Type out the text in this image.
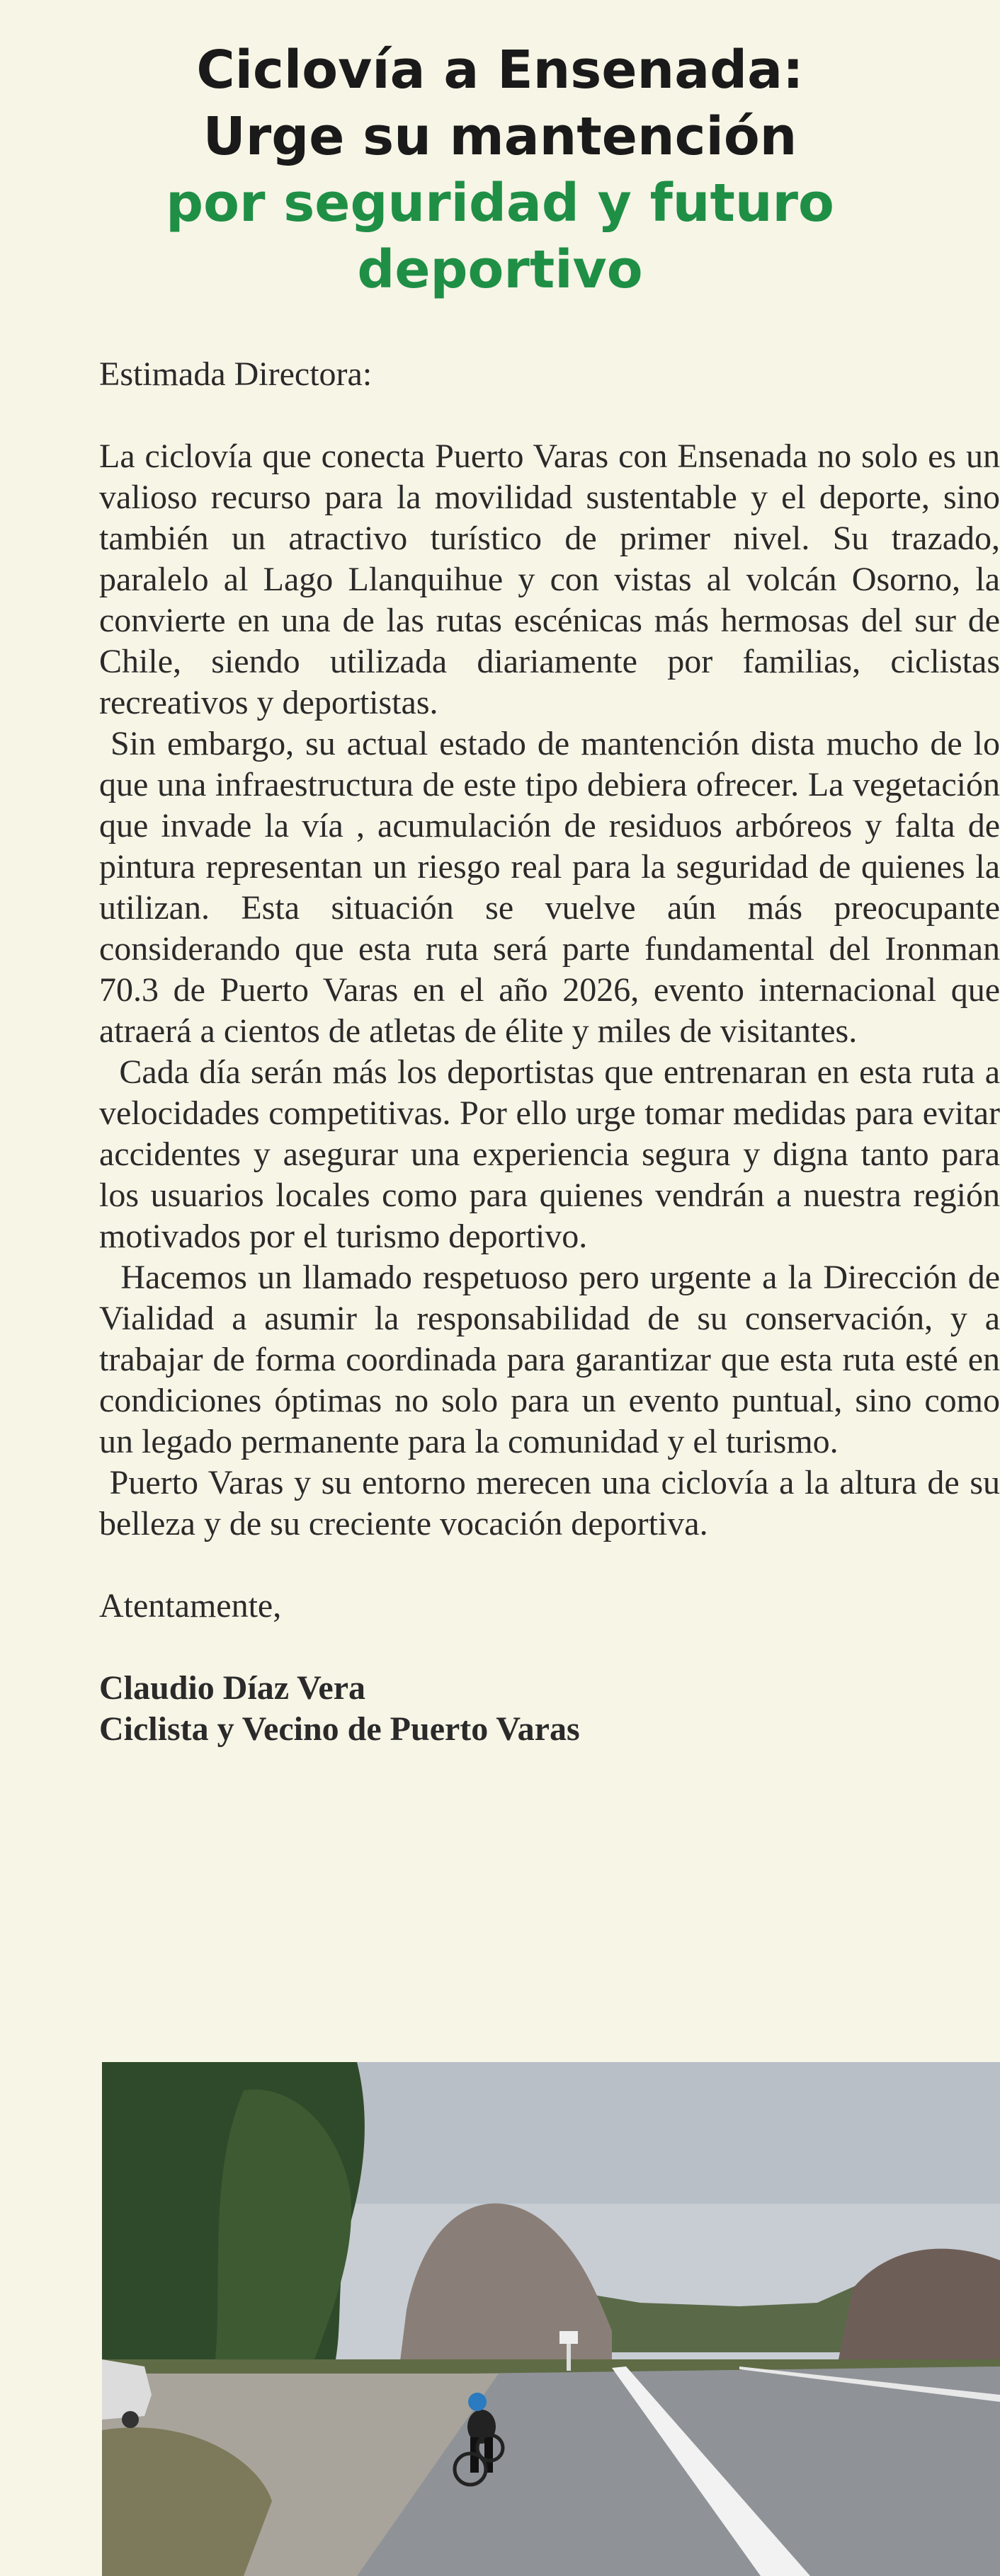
Ciclovía a Ensenada:
Urge su mantención
por seguridad y futuro
deportivo

Estimada Directora:

La ciclovía que conecta Puerto Varas con Ensenada no solo es un valioso recurso para la movilidad sustentable y el deporte, sino también un atractivo turístico de primer nivel. Su trazado, paralelo al Lago Llanquihue y con vistas al volcán Osorno, la convierte en una de las rutas escénicas más hermosas del sur de Chile, siendo utilizada diariamente por familias, ciclistas recreativos y deportistas.

Sin embargo, su actual estado de mantención dista mucho de lo que una infraestructura de este tipo debiera ofrecer. La vegetación que invade la vía , acumulación de residuos arbóreos y falta de pintura representan un riesgo real para la seguridad de quienes la utilizan. Esta situación se vuelve aún más preocupante considerando que esta ruta será parte fundamental del Ironman 70.3 de Puerto Varas en el año 2026, evento internacional que atraerá a cientos de atletas de élite y miles de visitantes.

Cada día serán más los deportistas que entrenaran en esta ruta a velocidades competitivas. Por ello urge tomar medidas para evitar accidentes y asegurar una experiencia segura y digna tanto para los usuarios locales como para quienes vendrán a nuestra región motivados por el turismo deportivo.

Hacemos un llamado respetuoso pero urgente a la Dirección de Vialidad a asumir la responsabilidad de su conservación, y a trabajar de forma coordinada para garantizar que esta ruta esté en condiciones óptimas no solo para un evento puntual, sino como un legado permanente para la comunidad y el turismo.

Puerto Varas y su entorno merecen una ciclovía a la altura de su belleza y de su creciente vocación deportiva.

Atentamente,

Claudio Díaz Vera

Ciclista y Vecino de Puerto Varas
